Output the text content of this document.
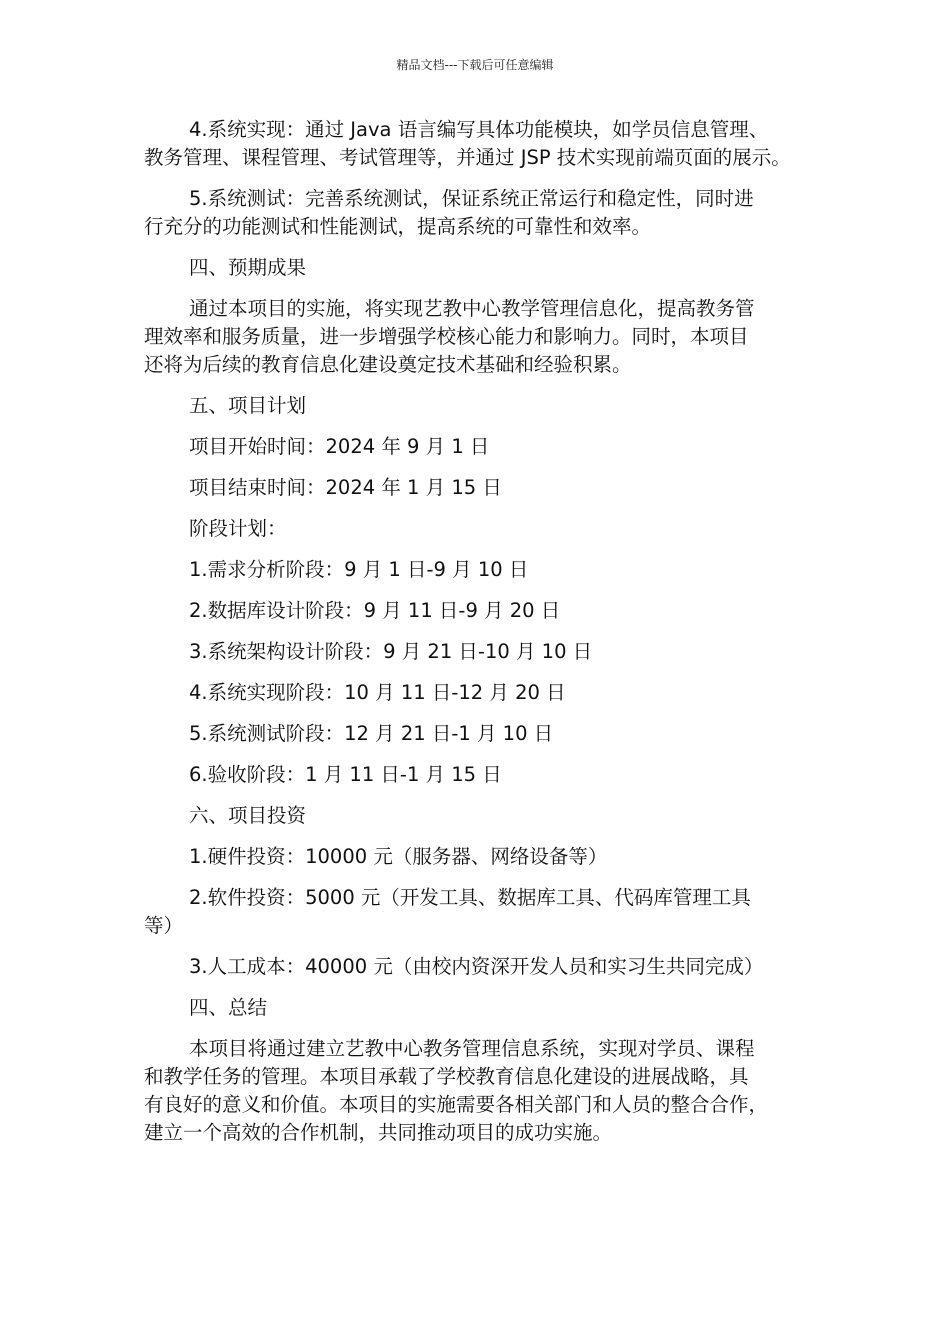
精品文档---下载后可任意编辑

4.系统实现：通过 Java 语言编写具体功能模块，如学员信息管理、
教务管理、课程管理、考试管理等，并通过 JSP 技术实现前端页面的展示。

5.系统测试：完善系统测试，保证系统正常运行和稳定性，同时进
行充分的功能测试和性能测试，提高系统的可靠性和效率。

四、预期成果

通过本项目的实施，将实现艺教中心教学管理信息化，提高教务管
理效率和服务质量，进一步增强学校核心能力和影响力。同时，本项目
还将为后续的教育信息化建设奠定技术基础和经验积累。

五、项目计划

项目开始时间：2024 年 9 月 1 日

项目结束时间：2024 年 1 月 15 日

阶段计划：

1.需求分析阶段：9 月 1 日-9 月 10 日

2.数据库设计阶段：9 月 11 日-9 月 20 日

3.系统架构设计阶段：9 月 21 日-10 月 10 日

4.系统实现阶段：10 月 11 日-12 月 20 日

5.系统测试阶段：12 月 21 日-1 月 10 日

6.验收阶段：1 月 11 日-1 月 15 日

六、项目投资

1.硬件投资：10000 元（服务器、网络设备等）

2.软件投资：5000 元（开发工具、数据库工具、代码库管理工具
等）

3.人工成本：40000 元（由校内资深开发人员和实习生共同完成）

四、总结

本项目将通过建立艺教中心教务管理信息系统，实现对学员、课程
和教学任务的管理。本项目承载了学校教育信息化建设的进展战略，具
有良好的意义和价值。本项目的实施需要各相关部门和人员的整合合作，
建立一个高效的合作机制，共同推动项目的成功实施。
